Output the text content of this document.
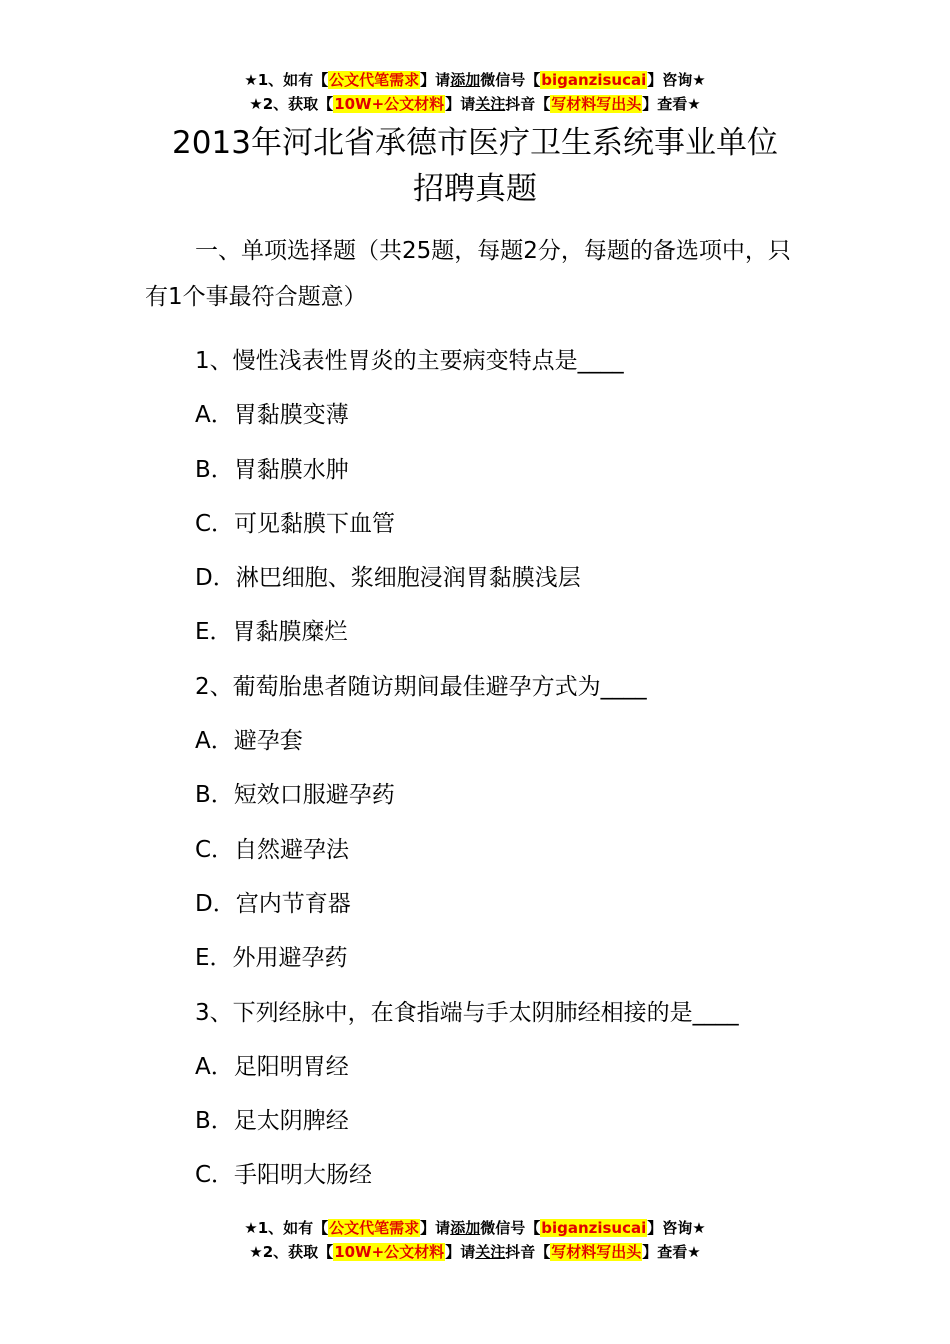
★1、如有【公文代笔需求】请添加微信号【biganzisucai】咨询★
★2、获取【10W+公文材料】请关注抖音【写材料写出头】查看★
2013年河北省承德市医疗卫生系统事业单位
招聘真题

一、单项选择题（共25题，每题2分，每题的备选项中，只有1个事最符合题意）

1、慢性浅表性胃炎的主要病变特点是____

A．胃黏膜变薄

B．胃黏膜水肿

C．可见黏膜下血管

D．淋巴细胞、浆细胞浸润胃黏膜浅层

E．胃黏膜糜烂

2、葡萄胎患者随访期间最佳避孕方式为____

A．避孕套

B．短效口服避孕药

C．自然避孕法

D．宫内节育器

E．外用避孕药

3、下列经脉中，在食指端与手太阴肺经相接的是____

A．足阳明胃经

B．足太阴脾经

C．手阳明大肠经

★1、如有【公文代笔需求】请添加微信号【biganzisucai】咨询★
★2、获取【10W+公文材料】请关注抖音【写材料写出头】查看★
